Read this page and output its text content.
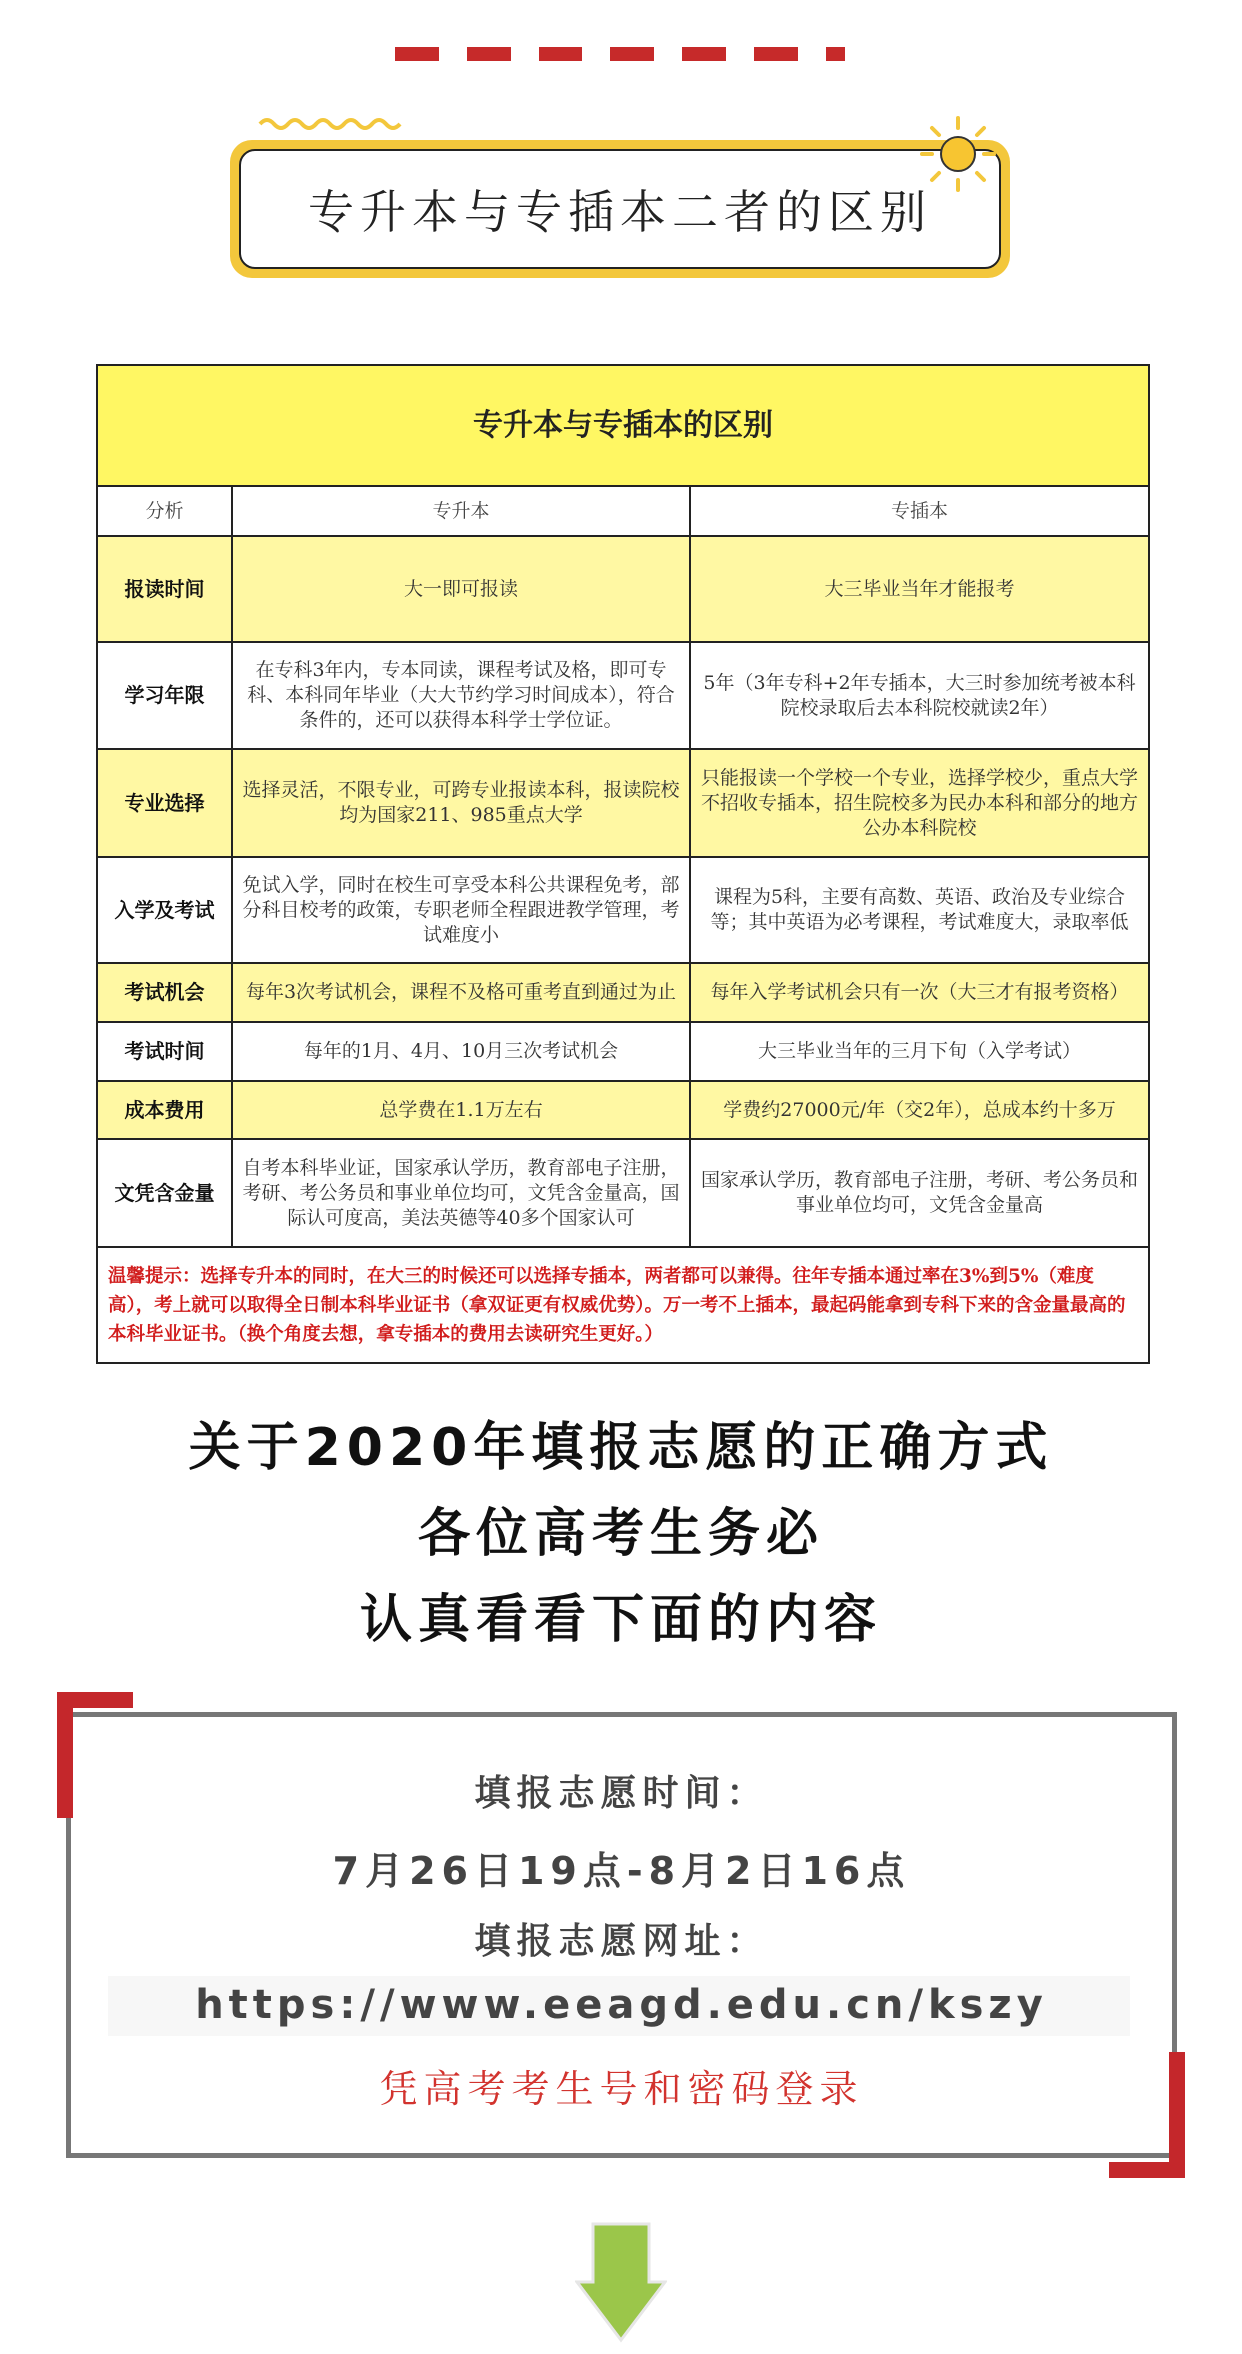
专升本与专插本二者的区别
专升本与专插本的区别		
分析	专升本	专插本
报读时间	大一即可报读	大三毕业当年才能报考
学习年限	在专科3年内，专本同读，课程考试及格，即可专科、本科同年毕业（大大节约学习时间成本），符合条件的，还可以获得本科学士学位证。	5年（3年专科+2年专插本，大三时参加统考被本科院校录取后去本科院校就读2年）
专业选择	选择灵活，不限专业，可跨专业报读本科，报读院校均为国家211、985重点大学	只能报读一个学校一个专业，选择学校少，重点大学不招收专插本，招生院校多为民办本科和部分的地方公办本科院校
入学及考试	免试入学，同时在校生可享受本科公共课程免考，部分科目校考的政策，专职老师全程跟进教学管理，考试难度小	课程为5科，主要有高数、英语、政治及专业综合等；其中英语为必考课程，考试难度大，录取率低
考试机会	每年3次考试机会，课程不及格可重考直到通过为止	每年入学考试机会只有一次（大三才有报考资格）
考试时间	每年的1月、4月、10月三次考试机会	大三毕业当年的三月下旬（入学考试）
成本费用	总学费在1.1万左右	学费约27000元/年（交2年），总成本约十多万
文凭含金量	自考本科毕业证，国家承认学历，教育部电子注册，考研、考公务员和事业单位均可，文凭含金量高，国际认可度高，美法英德等40多个国家认可	国家承认学历，教育部电子注册，考研、考公务员和事业单位均可，文凭含金量高
温馨提示：选择专升本的同时，在大三的时候还可以选择专插本，两者都可以兼得。往年专插本通过率在3%到5%（难度高），考上就可以取得全日制本科毕业证书（拿双证更有权威优势）。万一考不上插本，最起码能拿到专科下来的含金量最高的本科毕业证书。（换个角度去想，拿专插本的费用去读研究生更好。）		
关于2020年填报志愿的正确方式
各位高考生务必
认真看看下面的内容
填报志愿时间：
7月26日19点-8月2日16点
填报志愿网址：
https://www.eeagd.edu.cn/kszy
凭高考考生号和密码登录
